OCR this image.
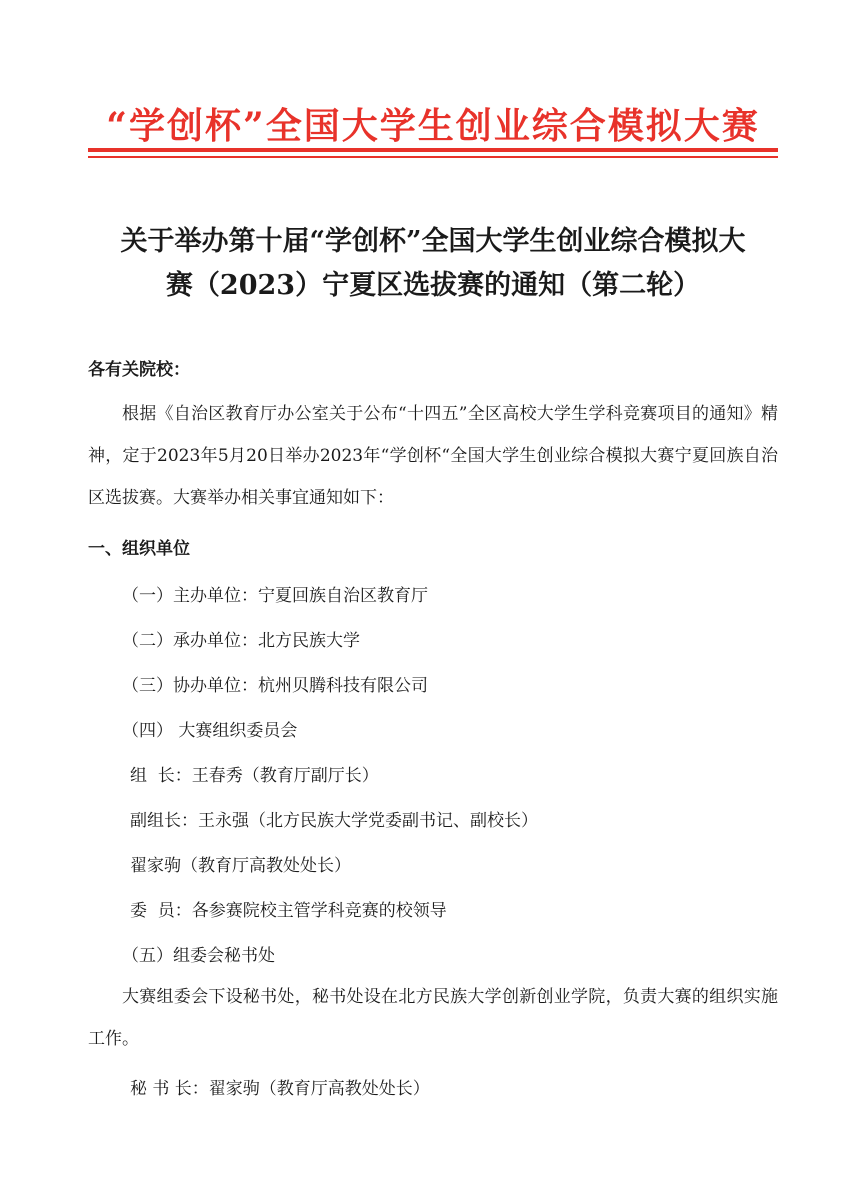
“学创杯”全国大学生创业综合模拟大赛
关于举办第十届“学创杯”全国大学生创业综合模拟大
赛（2023）宁夏区选拔赛的通知（第二轮）
各有关院校：
根据《自治区教育厅办公室关于公布“十四五”全区高校大学生学科竞赛项目的通知》精神，定于2023年5月20日举办2023年“学创杯“全国大学生创业综合模拟大赛宁夏回族自治区选拔赛。大赛举办相关事宜通知如下：
一、组织单位
（一）主办单位：宁夏回族自治区教育厅
（二）承办单位：北方民族大学
（三）协办单位：杭州贝腾科技有限公司
（四） 大赛组织委员会
组  长：王春秀（教育厅副厅长）
副组长：王永强（北方民族大学党委副书记、副校长）
翟家驹（教育厅高教处处长）
委  员：各参赛院校主管学科竞赛的校领导
（五）组委会秘书处
大赛组委会下设秘书处，秘书处设在北方民族大学创新创业学院，负责大赛的组织实施工作。
秘 书 长：翟家驹（教育厅高教处处长）
